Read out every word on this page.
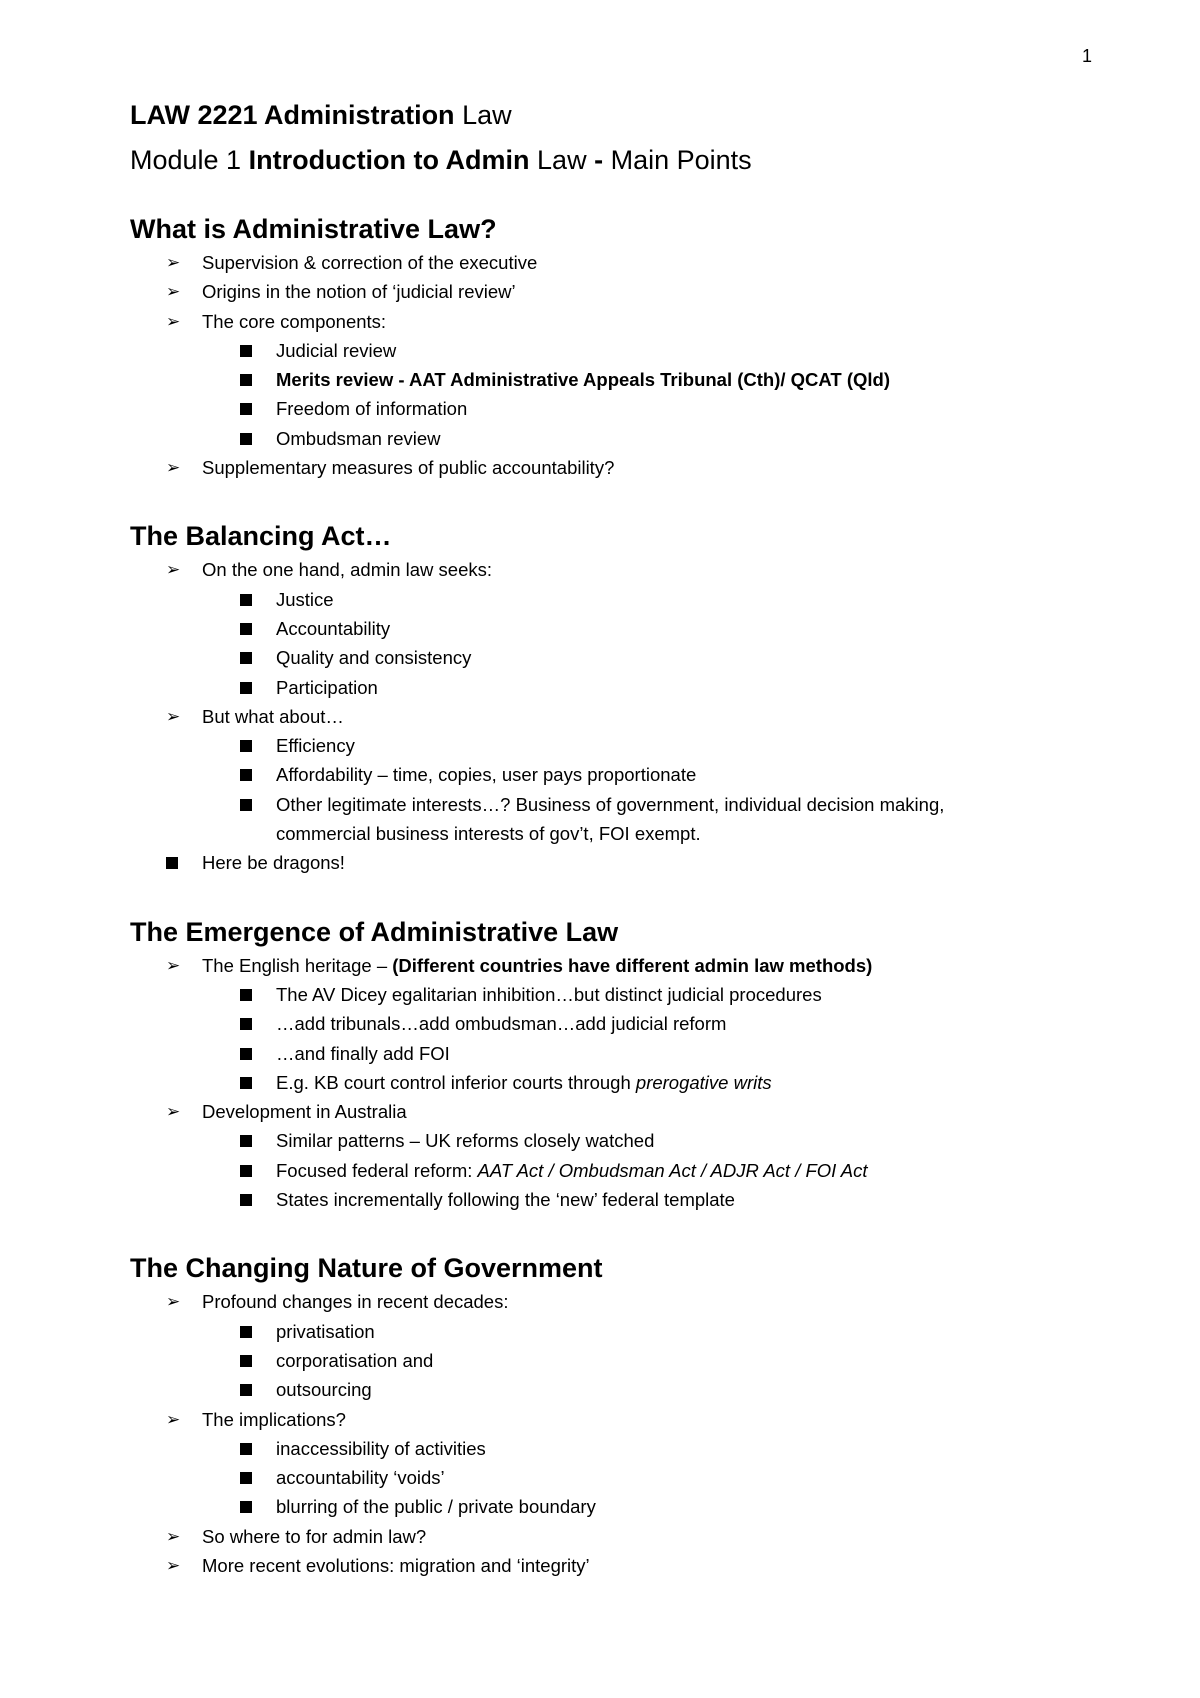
1
LAW 2221 Administration Law
Module 1 Introduction to Admin Law - Main Points
What is Administrative Law?
➢ Supervision & correction of the executive
➢ Origins in the notion of ‘judicial review’
➢ The core components:
Judicial review
Merits review - AAT Administrative Appeals Tribunal (Cth)/ QCAT (Qld)
Freedom of information
Ombudsman review
➢ Supplementary measures of public accountability?
The Balancing Act…
➢ On the one hand, admin law seeks:
Justice
Accountability
Quality and consistency
Participation
➢ But what about…
Efficiency
Affordability – time, copies, user pays proportionate
Other legitimate interests…? Business of government, individual decision making,
commercial business interests of gov’t, FOI exempt.
Here be dragons!
The Emergence of Administrative Law
➢ The English heritage – (Different countries have different admin law methods)
The AV Dicey egalitarian inhibition…but distinct judicial procedures
…add tribunals…add ombudsman…add judicial reform
…and finally add FOI
E.g. KB court control inferior courts through prerogative writs
➢ Development in Australia
Similar patterns – UK reforms closely watched
Focused federal reform: AAT Act / Ombudsman Act / ADJR Act / FOI Act
States incrementally following the ‘new’ federal template
The Changing Nature of Government
➢ Profound changes in recent decades:
privatisation
corporatisation and
outsourcing
➢ The implications?
inaccessibility of activities
accountability ‘voids’
blurring of the public / private boundary
➢ So where to for admin law?
➢ More recent evolutions: migration and ‘integrity’
